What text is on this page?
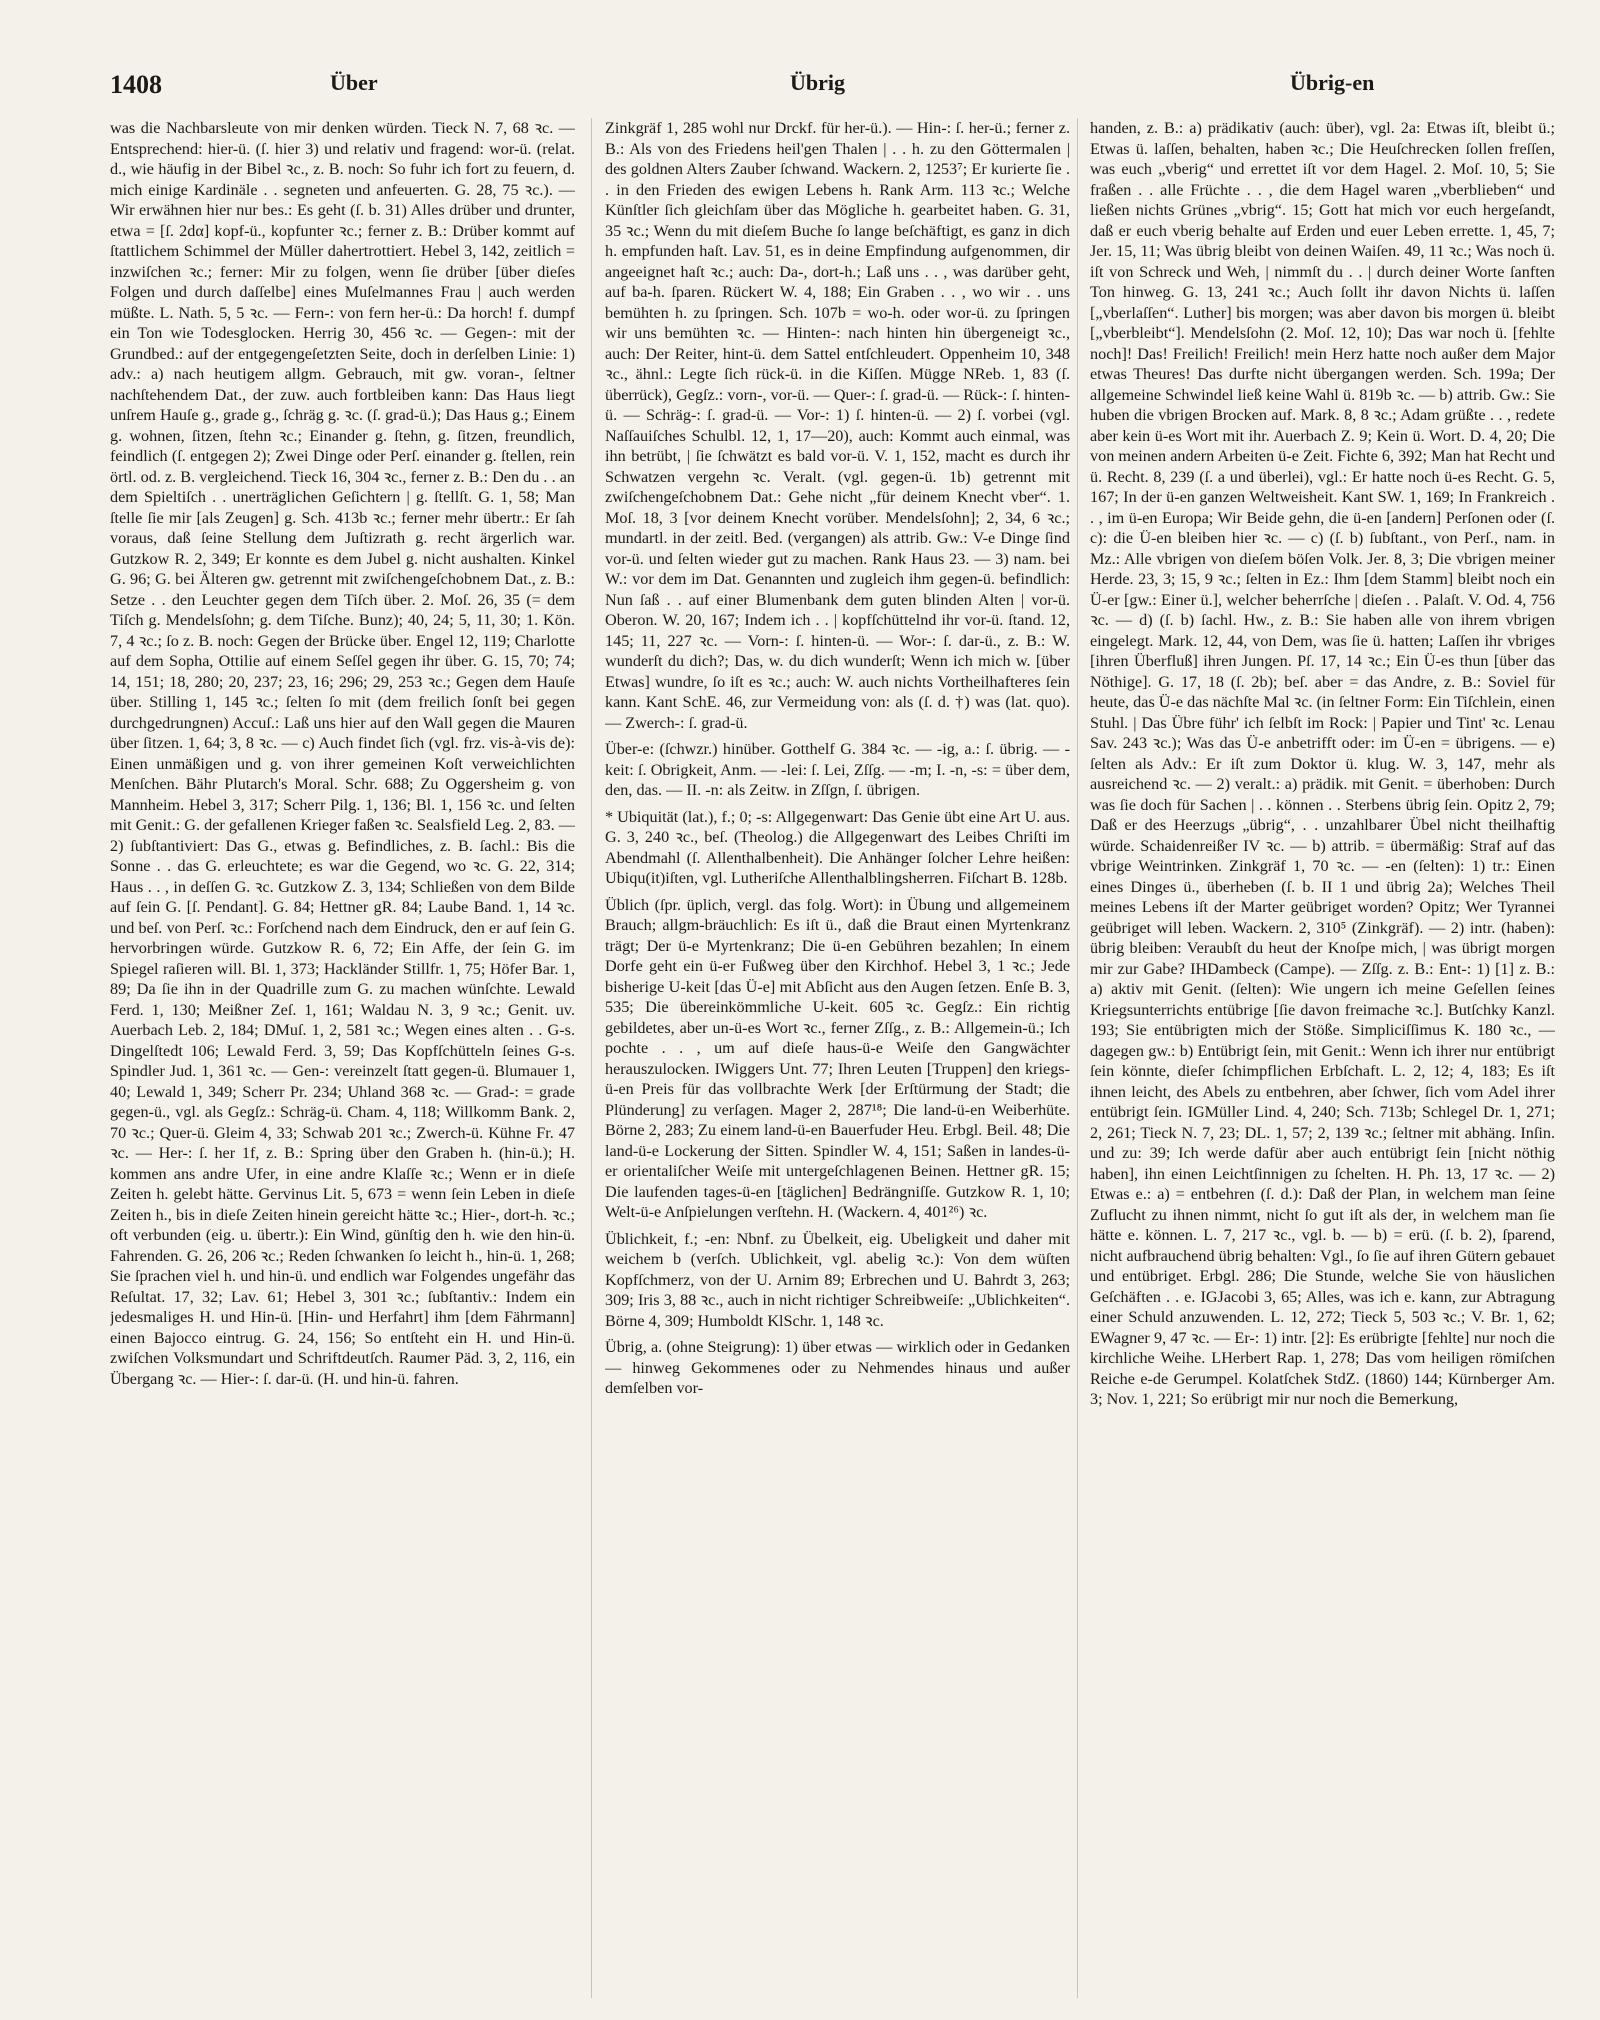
1408	Über	Übrig	Übrig-en

was die Nachbarsleute von mir denken würden. Tieck N. 7, 68 ꝛc. — Entsprechend: hier-ü. (ſ. hier 3) und relativ und fragend: wor-ü. (relat. d., wie häufig in der Bibel ꝛc., z. B. noch: So fuhr ich fort zu feuern, d. mich einige Kardinäle . . segneten und anfeuerten. G. 28, 75 ꝛc.). — Wir erwähnen hier nur bes.: Es geht (ſ. b. 31) Alles drüber und drunter, etwa = [ſ. 2dα] kopf-ü., kopfunter ꝛc.; ferner z. B.: Drüber kommt auf ſtattlichem Schimmel der Müller dahertrottiert. Hebel 3, 142, zeitlich = inzwiſchen ꝛc.; ferner: Mir zu folgen, wenn ſie drüber [über dieſes Folgen und durch daſſelbe] eines Muſelmannes Frau | auch werden müßte. L. Nath. 5, 5 ꝛc. — Fern-: von fern her-ü.: Da horch! f. dumpf ein Ton wie Todesglocken. Herrig 30, 456 ꝛc. — Gegen-: mit der Grundbed.: auf der entgegengeſetzten Seite, doch in derſelben Linie: 1) adv.: a) nach heutigem allgm. Gebrauch, mit gw. voran-, ſeltner nachſtehendem Dat., der zuw. auch fortbleiben kann: Das Haus liegt unſrem Hauſe g., grade g., ſchräg g. ꝛc. (ſ. grad-ü.); Das Haus g.; Einem g. wohnen, ſitzen, ſtehn ꝛc.; Einander g. ſtehn, g. ſitzen, freundlich, feindlich (ſ. entgegen 2); Zwei Dinge oder Perſ. einander g. ſtellen, rein örtl. od. z. B. vergleichend. Tieck 16, 304 ꝛc., ferner z. B.: Den du . . an dem Spieltiſch . . unerträglichen Geſichtern | g. ſtellſt. G. 1, 58; Man ſtelle ſie mir [als Zeugen] g. Sch. 413b ꝛc.; ferner mehr übertr.: Er ſah voraus, daß ſeine Stellung dem Juſtizrath g. recht ärgerlich war. Gutzkow R. 2, 349; Er konnte es dem Jubel g. nicht aushalten. Kinkel G. 96; G. bei Älteren gw. getrennt mit zwiſchengeſchobnem Dat., z. B.: Setze . . den Leuchter gegen dem Tiſch über. 2. Moſ. 26, 35 (= dem Tiſch g. Mendelsſohn; g. dem Tiſche. Bunz); 40, 24; 5, 11, 30; 1. Kön. 7, 4 ꝛc.; ſo z. B. noch: Gegen der Brücke über. Engel 12, 119; Charlotte auf dem Sopha, Ottilie auf einem Seſſel gegen ihr über. G. 15, 70; 74; 14, 151; 18, 280; 20, 237; 23, 16; 296; 29, 253 ꝛc.; Gegen dem Hauſe über. Stilling 1, 145 ꝛc.; ſelten ſo mit (dem freilich ſonſt bei gegen durchgedrungnen) Accuſ.: Laß uns hier auf den Wall gegen die Mauren über ſitzen. 1, 64; 3, 8 ꝛc. — c) Auch findet ſich (vgl. frz. vis-à-vis de): Einen unmäßigen und g. von ihrer gemeinen Koſt verweichlichten Menſchen. Bähr Plutarch's Moral. Schr. 688; Zu Oggersheim g. von Mannheim. Hebel 3, 317; Scherr Pilg. 1, 136; Bl. 1, 156 ꝛc. und ſelten mit Genit.: G. der gefallenen Krieger faßen ꝛc. Sealsfield Leg. 2, 83. — 2) ſubſtantiviert: Das G., etwas g. Befindliches, z. B. ſachl.: Bis die Sonne . . das G. erleuchtete; es war die Gegend, wo ꝛc. G. 22, 314; Haus . . , in deſſen G. ꝛc. Gutzkow Z. 3, 134; Schließen von dem Bilde auf ſein G. [ſ. Pendant]. G. 84; Hettner gR. 84; Laube Band. 1, 14 ꝛc. und beſ. von Perſ. ꝛc.: Forſchend nach dem Eindruck, den er auf ſein G. hervorbringen würde. Gutzkow R. 6, 72; Ein Affe, der ſein G. im Spiegel raſieren will. Bl. 1, 373; Hackländer Stillfr. 1, 75; Höfer Bar. 1, 89; Da ſie ihn in der Quadrille zum G. zu machen wünſchte. Lewald Ferd. 1, 130; Meißner Zeſ. 1, 161; Waldau N. 3, 9 ꝛc.; Genit. uv. Auerbach Leb. 2, 184; DMuſ. 1, 2, 581 ꝛc.; Wegen eines alten . . G-s. Dingelſtedt 106; Lewald Ferd. 3, 59; Das Kopfſchütteln ſeines G-s. Spindler Jud. 1, 361 ꝛc. — Gen-: vereinzelt ſtatt gegen-ü. Blumauer 1, 40; Lewald 1, 349; Scherr Pr. 234; Uhland 368 ꝛc. — Grad-: = grade gegen-ü., vgl. als Gegſz.: Schräg-ü. Cham. 4, 118; Willkomm Bank. 2, 70 ꝛc.; Quer-ü. Gleim 4, 33; Schwab 201 ꝛc.; Zwerch-ü. Kühne Fr. 47 ꝛc. — Her-: ſ. her 1f, z. B.: Spring über den Graben h. (hin-ü.); H. kommen ans andre Ufer, in eine andre Klaſſe ꝛc.; Wenn er in dieſe Zeiten h. gelebt hätte. Gervinus Lit. 5, 673 = wenn ſein Leben in dieſe Zeiten h., bis in dieſe Zeiten hinein gereicht hätte ꝛc.; Hier-, dort-h. ꝛc.; oft verbunden (eig. u. übertr.): Ein Wind, günſtig den h. wie den hin-ü. Fahrenden. G. 26, 206 ꝛc.; Reden ſchwanken ſo leicht h., hin-ü. 1, 268; Sie ſprachen viel h. und hin-ü. und endlich war Folgendes ungefähr das Reſultat. 17, 32; Lav. 61; Hebel 3, 301 ꝛc.; ſubſtantiv.: Indem ein jedesmaliges H. und Hin-ü. [Hin- und Herfahrt] ihm [dem Fährmann] einen Bajocco eintrug. G. 24, 156; So entſteht ein H. und Hin-ü. zwiſchen Volksmundart und Schriftdeutſch. Raumer Päd. 3, 2, 116, ein Übergang ꝛc. — Hier-: ſ. dar-ü. (H. und hin-ü. fahren.

Zinkgräf 1, 285 wohl nur Drckf. für her-ü.). — Hin-: ſ. her-ü.; ferner z. B.: Als von des Friedens heil'gen Thalen | . . h. zu den Göttermalen | des goldnen Alters Zauber ſchwand. Wackern. 2, 1253⁷; Er kurierte ſie . . in den Frieden des ewigen Lebens h. Rank Arm. 113 ꝛc.; Welche Künſtler ſich gleichſam über das Mögliche h. gearbeitet haben. G. 31, 35 ꝛc.; Wenn du mit dieſem Buche ſo lange beſchäftigt, es ganz in dich h. empfunden haſt. Lav. 51, es in deine Empfindung aufgenommen, dir angeeignet haſt ꝛc.; auch: Da-, dort-h.; Laß uns . . , was darüber geht, auf ba-h. ſparen. Rückert W. 4, 188; Ein Graben . . , wo wir . . uns bemühten h. zu ſpringen. Sch. 107b = wo-h. oder wor-ü. zu ſpringen wir uns bemühten ꝛc. — Hinten-: nach hinten hin übergeneigt ꝛc., auch: Der Reiter, hint-ü. dem Sattel entſchleudert. Oppenheim 10, 348 ꝛc., ähnl.: Legte ſich rück-ü. in die Kiſſen. Mügge NReb. 1, 83 (ſ. überrück), Gegſz.: vorn-, vor-ü. — Quer-: ſ. grad-ü. — Rück-: ſ. hinten-ü. — Schräg-: ſ. grad-ü. — Vor-: 1) ſ. hinten-ü. — 2) ſ. vorbei (vgl. Naſſauiſches Schulbl. 12, 1, 17—20), auch: Kommt auch einmal, was ihn betrübt, | ſie ſchwätzt es bald vor-ü. V. 1, 152, macht es durch ihr Schwatzen vergehn ꝛc. Veralt. (vgl. gegen-ü. 1b) getrennt mit zwiſchengeſchobnem Dat.: Gehe nicht „für deinem Knecht vber“. 1. Moſ. 18, 3 [vor deinem Knecht vorüber. Mendelsſohn]; 2, 34, 6 ꝛc.; mundartl. in der zeitl. Bed. (vergangen) als attrib. Gw.: V-e Dinge ſind vor-ü. und ſelten wieder gut zu machen. Rank Haus 23. — 3) nam. bei W.: vor dem im Dat. Genannten und zugleich ihm gegen-ü. befindlich: Nun ſaß . . auf einer Blumenbank dem guten blinden Alten | vor-ü. Oberon. W. 20, 167; Indem ich . . | kopfſchüttelnd ihr vor-ü. ſtand. 12, 145; 11, 227 ꝛc. — Vorn-: ſ. hinten-ü. — Wor-: ſ. dar-ü., z. B.: W. wunderſt du dich?; Das, w. du dich wunderſt; Wenn ich mich w. [über Etwas] wundre, ſo iſt es ꝛc.; auch: W. auch nichts Vortheilhafteres ſein kann. Kant SchE. 46, zur Vermeidung von: als (ſ. d. †) was (lat. quo). — Zwerch-: ſ. grad-ü.

Über-e: (ſchwzr.) hinüber. Gotthelf G. 384 ꝛc. — -ig, a.: ſ. übrig. — -keit: ſ. Obrigkeit, Anm. — -lei: ſ. Lei, Zſſg. — -m; I. -n, -s: = über dem, den, das. — II. -n: als Zeitw. in Zſſgn, ſ. übrigen.

* Ubiquität (lat.), f.; 0; -s: Allgegenwart: Das Genie übt eine Art U. aus. G. 3, 240 ꝛc., beſ. (Theolog.) die Allgegenwart des Leibes Chriſti im Abendmahl (ſ. Allenthalbenheit). Die Anhänger ſolcher Lehre heißen: Ubiqu(it)iſten, vgl. Lutheriſche Allenthalblingsherren. Fiſchart B. 128b.

Üblich (ſpr. üplich, vergl. das folg. Wort): in Übung und allgemeinem Brauch; allgm-bräuchlich: Es iſt ü., daß die Braut einen Myrtenkranz trägt; Der ü-e Myrtenkranz; Die ü-en Gebühren bezahlen; In einem Dorfe geht ein ü-er Fußweg über den Kirchhof. Hebel 3, 1 ꝛc.; Jede bisherige U-keit [das Ü-e] mit Abſicht aus den Augen ſetzen. Enſe B. 3, 535; Die übereinkömmliche U-keit. 605 ꝛc. Gegſz.: Ein richtig gebildetes, aber un-ü-es Wort ꝛc., ferner Zſſg., z. B.: Allgemein-ü.; Ich pochte . . , um auf dieſe haus-ü-e Weiſe den Gangwächter herauszulocken. IWiggers Unt. 77; Ihren Leuten [Truppen] den kriegs-ü-en Preis für das vollbrachte Werk [der Erſtürmung der Stadt; die Plünderung] zu verſagen. Mager 2, 287¹⁸; Die land-ü-en Weiberhüte. Börne 2, 283; Zu einem land-ü-en Bauerfuder Heu. Erbgl. Beil. 48; Die land-ü-e Lockerung der Sitten. Spindler W. 4, 151; Saßen in landes-ü-er orientaliſcher Weiſe mit untergeſchlagenen Beinen. Hettner gR. 15; Die laufenden tages-ü-en [täglichen] Bedrängniſſe. Gutzkow R. 1, 10; Welt-ü-e Anſpielungen verſtehn. H. (Wackern. 4, 401²⁶) ꝛc.

Üblichkeit, f.; -en: Nbnf. zu Übelkeit, eig. Ubeligkeit und daher mit weichem b (verſch. Ublichkeit, vgl. abelig ꝛc.): Von dem wüſten Kopfſchmerz, von der U. Arnim 89; Erbrechen und U. Bahrdt 3, 263; 309; Iris 3, 88 ꝛc., auch in nicht richtiger Schreibweiſe: „Ublichkeiten“. Börne 4, 309; Humboldt KlSchr. 1, 148 ꝛc.

Übrig, a. (ohne Steigrung): 1) über etwas — wirklich oder in Gedanken — hinweg Gekommenes oder zu Nehmendes hinaus und außer demſelben vor-

handen, z. B.: a) prädikativ (auch: über), vgl. 2a: Etwas iſt, bleibt ü.; Etwas ü. laſſen, behalten, haben ꝛc.; Die Heuſchrecken ſollen freſſen, was euch „vberig“ und errettet iſt vor dem Hagel. 2. Moſ. 10, 5; Sie fraßen . . alle Früchte . . , die dem Hagel waren „vberblieben“ und ließen nichts Grünes „vbrig“. 15; Gott hat mich vor euch hergeſandt, daß er euch vberig behalte auf Erden und euer Leben errette. 1, 45, 7; Jer. 15, 11; Was übrig bleibt von deinen Waiſen. 49, 11 ꝛc.; Was noch ü. iſt von Schreck und Weh, | nimmſt du . . | durch deiner Worte ſanften Ton hinweg. G. 13, 241 ꝛc.; Auch ſollt ihr davon Nichts ü. laſſen [„vberlaſſen“. Luther] bis morgen; was aber davon bis morgen ü. bleibt [„vberbleibt“]. Mendelsſohn (2. Moſ. 12, 10); Das war noch ü. [fehlte noch]! Das! Freilich! Freilich! mein Herz hatte noch außer dem Major etwas Theures! Das durfte nicht übergangen werden. Sch. 199a; Der allgemeine Schwindel ließ keine Wahl ü. 819b ꝛc. — b) attrib. Gw.: Sie huben die vbrigen Brocken auf. Mark. 8, 8 ꝛc.; Adam grüßte . . , redete aber kein ü-es Wort mit ihr. Auerbach Z. 9; Kein ü. Wort. D. 4, 20; Die von meinen andern Arbeiten ü-e Zeit. Fichte 6, 392; Man hat Recht und ü. Recht. 8, 239 (ſ. a und überlei), vgl.: Er hatte noch ü-es Recht. G. 5, 167; In der ü-en ganzen Weltweisheit. Kant SW. 1, 169; In Frankreich . . , im ü-en Europa; Wir Beide gehn, die ü-en [andern] Perſonen oder (ſ. c): die Ü-en bleiben hier ꝛc. — c) (ſ. b) ſubſtant., von Perſ., nam. in Mz.: Alle vbrigen von dieſem böſen Volk. Jer. 8, 3; Die vbrigen meiner Herde. 23, 3; 15, 9 ꝛc.; ſelten in Ez.: Ihm [dem Stamm] bleibt noch ein Ü-er [gw.: Einer ü.], welcher beherrſche | dieſen . . Palaſt. V. Od. 4, 756 ꝛc. — d) (ſ. b) ſachl. Hw., z. B.: Sie haben alle von ihrem vbrigen eingelegt. Mark. 12, 44, von Dem, was ſie ü. hatten; Laſſen ihr vbriges [ihren Überfluß] ihren Jungen. Pſ. 17, 14 ꝛc.; Ein Ü-es thun [über das Nöthige]. G. 17, 18 (ſ. 2b); beſ. aber = das Andre, z. B.: Soviel für heute, das Ü-e das nächſte Mal ꝛc. (in ſeltner Form: Ein Tiſchlein, einen Stuhl. | Das Übre führ' ich ſelbſt im Rock: | Papier und Tint' ꝛc. Lenau Sav. 243 ꝛc.); Was das Ü-e anbetrifft oder: im Ü-en = übrigens. — e) ſelten als Adv.: Er iſt zum Doktor ü. klug. W. 3, 147, mehr als ausreichend ꝛc. — 2) veralt.: a) prädik. mit Genit. = überhoben: Durch was ſie doch für Sachen | . . können . . Sterbens übrig ſein. Opitz 2, 79; Daß er des Heerzugs „übrig“, . . unzahlbarer Übel nicht theilhaftig würde. Schaidenreißer IV ꝛc. — b) attrib. = übermäßig: Straf auf das vbrige Weintrinken. Zinkgräf 1, 70 ꝛc. — -en (ſelten): 1) tr.: Einen eines Dinges ü., überheben (ſ. b. II 1 und übrig 2a); Welches Theil meines Lebens iſt der Marter geübriget worden? Opitz; Wer Tyrannei geübriget will leben. Wackern. 2, 310⁵ (Zinkgräf). — 2) intr. (haben): übrig bleiben: Veraubſt du heut der Knoſpe mich, | was übrigt morgen mir zur Gabe? IHDambeck (Campe). — Zſſg. z. B.: Ent-: 1) [1] z. B.: a) aktiv mit Genit. (ſelten): Wie ungern ich meine Geſellen ſeines Kriegsunterrichts entübrige [ſie davon freimache ꝛc.]. Butſchky Kanzl. 193; Sie entübrigten mich der Stöße. Simpliciſſimus K. 180 ꝛc., — dagegen gw.: b) Entübrigt ſein, mit Genit.: Wenn ich ihrer nur entübrigt ſein könnte, dieſer ſchimpflichen Erbſchaft. L. 2, 12; 4, 183; Es iſt ihnen leicht, des Abels zu entbehren, aber ſchwer, ſich vom Adel ihrer entübrigt ſein. IGMüller Lind. 4, 240; Sch. 713b; Schlegel Dr. 1, 271; 2, 261; Tieck N. 7, 23; DL. 1, 57; 2, 139 ꝛc.; ſeltner mit abhäng. Inſin. und zu: 39; Ich werde dafür aber auch entübrigt ſein [nicht nöthig haben], ihn einen Leichtſinnigen zu ſchelten. H. Ph. 13, 17 ꝛc. — 2) Etwas e.: a) = entbehren (ſ. d.): Daß der Plan, in welchem man ſeine Zuflucht zu ihnen nimmt, nicht ſo gut iſt als der, in welchem man ſie hätte e. können. L. 7, 217 ꝛc., vgl. b. — b) = erü. (ſ. b. 2), ſparend, nicht aufbrauchend übrig behalten: Vgl., ſo ſie auf ihren Gütern gebauet und entübriget. Erbgl. 286; Die Stunde, welche Sie von häuslichen Geſchäften . . e. IGJacobi 3, 65; Alles, was ich e. kann, zur Abtragung einer Schuld anzuwenden. L. 12, 272; Tieck 5, 503 ꝛc.; V. Br. 1, 62; EWagner 9, 47 ꝛc. — Er-: 1) intr. [2]: Es erübrigte [fehlte] nur noch die kirchliche Weihe. LHerbert Rap. 1, 278; Das vom heiligen römiſchen Reiche e-de Gerumpel. Kolatſchek StdZ. (1860) 144; Kürnberger Am. 3; Nov. 1, 221; So erübrigt mir nur noch die Bemerkung,
